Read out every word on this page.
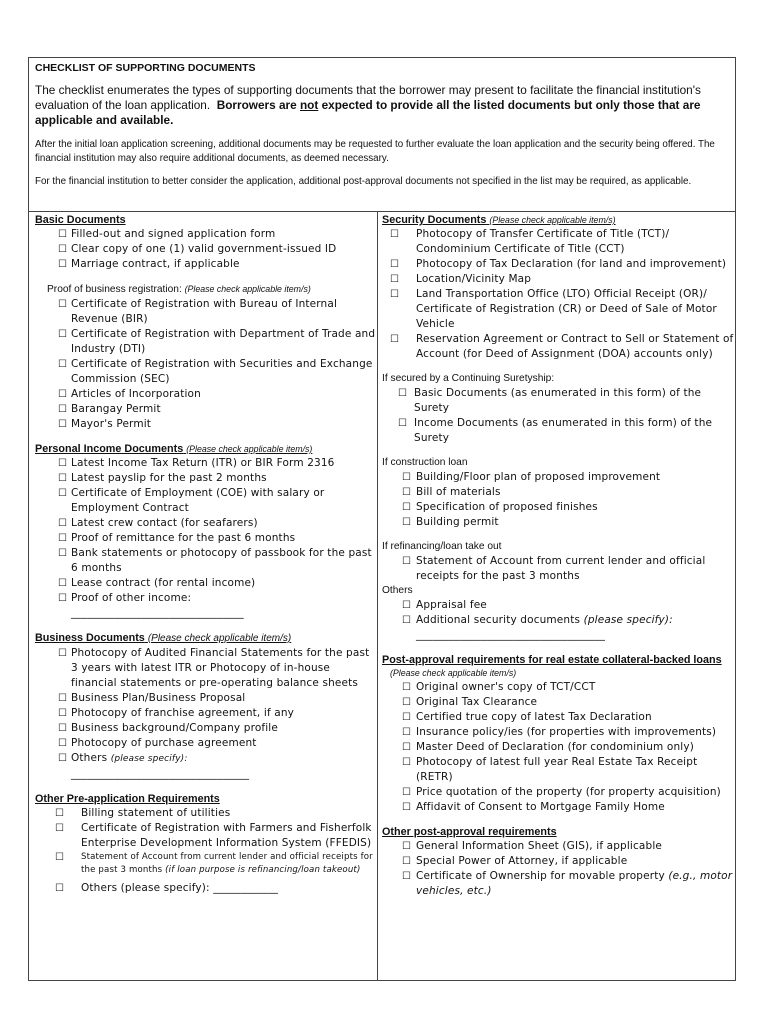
CHECKLIST OF SUPPORTING DOCUMENTS
The checklist enumerates the types of supporting documents that the borrower may present to facilitate the financial institution's evaluation of the loan application. Borrowers are not expected to provide all the listed documents but only those that are applicable and available.
After the initial loan application screening, additional documents may be requested to further evaluate the loan application and the security being offered. The financial institution may also require additional documents, as deemed necessary.
For the financial institution to better consider the application, additional post-approval documents not specified in the list may be required, as applicable.
Basic Documents
☐ Filled-out and signed application form
☐ Clear copy of one (1) valid government-issued ID
☐ Marriage contract, if applicable
Proof of business registration: (Please check applicable item/s)
☐ Certificate of Registration with Bureau of Internal Revenue (BIR)
☐ Certificate of Registration with Department of Trade and Industry (DTI)
☐ Certificate of Registration with Securities and Exchange Commission (SEC)
☐ Articles of Incorporation
☐ Barangay Permit
☐ Mayor's Permit
Personal Income Documents (Please check applicable item/s)
☐ Latest Income Tax Return (ITR) or BIR Form 2316
☐ Latest payslip for the past 2 months
☐ Certificate of Employment (COE) with salary or Employment Contract
☐ Latest crew contact (for seafarers)
☐ Proof of remittance for the past 6 months
☐ Bank statements or photocopy of passbook for the past 6 months
☐ Lease contract (for rental income)
☐ Proof of other income:
________________________________
Business Documents (Please check applicable item/s)
☐ Photocopy of Audited Financial Statements for the past 3 years with latest ITR or Photocopy of in-house financial statements or pre-operating balance sheets
☐ Business Plan/Business Proposal
☐ Photocopy of franchise agreement, if any
☐ Business background/Company profile
☐ Photocopy of purchase agreement
☐ Others (please specify):
_________________________________
Other Pre-application Requirements
☐ Billing statement of utilities
☐ Certificate of Registration with Farmers and Fisherfolk Enterprise Development Information System (FFEDIS)
☐ Statement of Account from current lender and official receipts for the past 3 months (if loan purpose is refinancing/loan takeout)
☐ Others (please specify): ____________
Security Documents (Please check applicable item/s)
☐ Photocopy of Transfer Certificate of Title (TCT)/ Condominium Certificate of Title (CCT)
☐ Photocopy of Tax Declaration (for land and improvement)
☐ Location/Vicinity Map
☐ Land Transportation Office (LTO) Official Receipt (OR)/ Certificate of Registration (CR) or Deed of Sale of Motor Vehicle
☐ Reservation Agreement or Contract to Sell or Statement of Account (for Deed of Assignment (DOA) accounts only)
If secured by a Continuing Suretyship:
☐ Basic Documents (as enumerated in this form) of the Surety
☐ Income Documents (as enumerated in this form) of the Surety
If construction loan
☐ Building/Floor plan of proposed improvement
☐ Bill of materials
☐ Specification of proposed finishes
☐ Building permit
If refinancing/loan take out
☐ Statement of Account from current lender and official receipts for the past 3 months
Others
☐ Appraisal fee
☐ Additional security documents (please specify):
___________________________________
Post-approval requirements for real estate collateral-backed loans
(Please check applicable item/s)
☐ Original owner's copy of TCT/CCT
☐ Original Tax Clearance
☐ Certified true copy of latest Tax Declaration
☐ Insurance policy/ies (for properties with improvements)
☐ Master Deed of Declaration (for condominium only)
☐ Photocopy of latest full year Real Estate Tax Receipt (RETR)
☐ Price quotation of the property (for property acquisition)
☐ Affidavit of Consent to Mortgage Family Home
Other post-approval requirements
☐ General Information Sheet (GIS), if applicable
☐ Special Power of Attorney, if applicable
☐ Certificate of Ownership for movable property (e.g., motor vehicles, etc.)
